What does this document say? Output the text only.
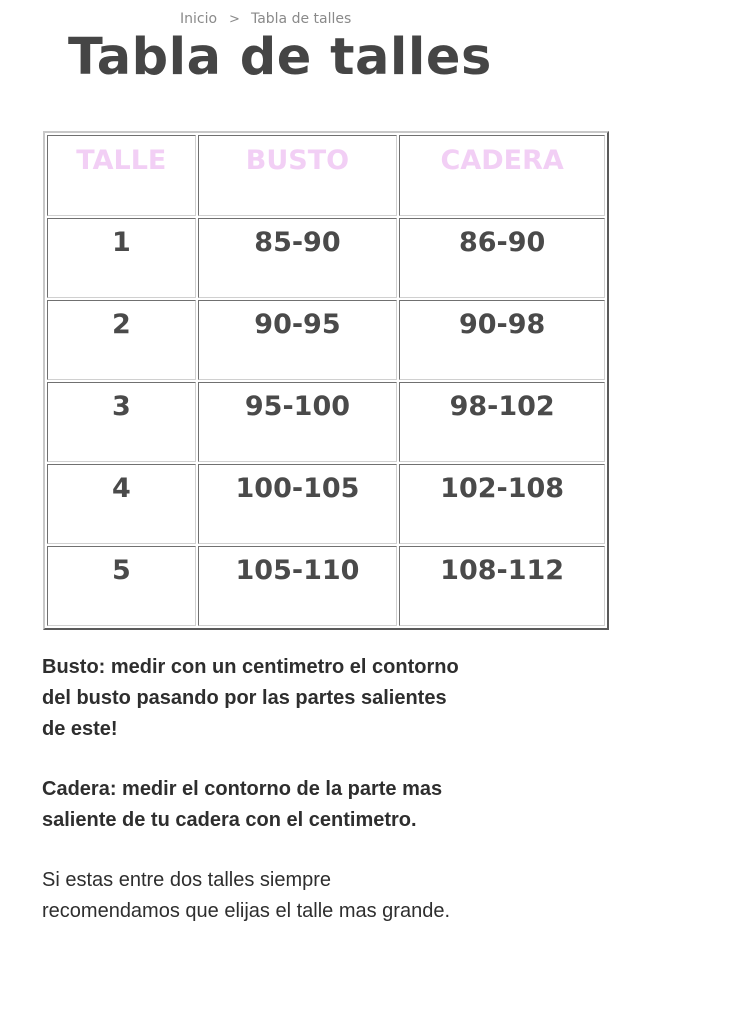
Inicio > Tabla de talles
Tabla de talles
TALLE	BUSTO	CADERA
1	85-90	86-90
2	90-95	90-98
3	95-100	98-102
4	100-105	102-108
5	105-110	108-112

Busto: medir con un centimetro el contorno del busto pasando por las partes salientes de este!

Cadera: medir el contorno de la parte mas saliente de tu cadera con el centimetro.

Si estas entre dos talles siempre recomendamos que elijas el talle mas grande.
